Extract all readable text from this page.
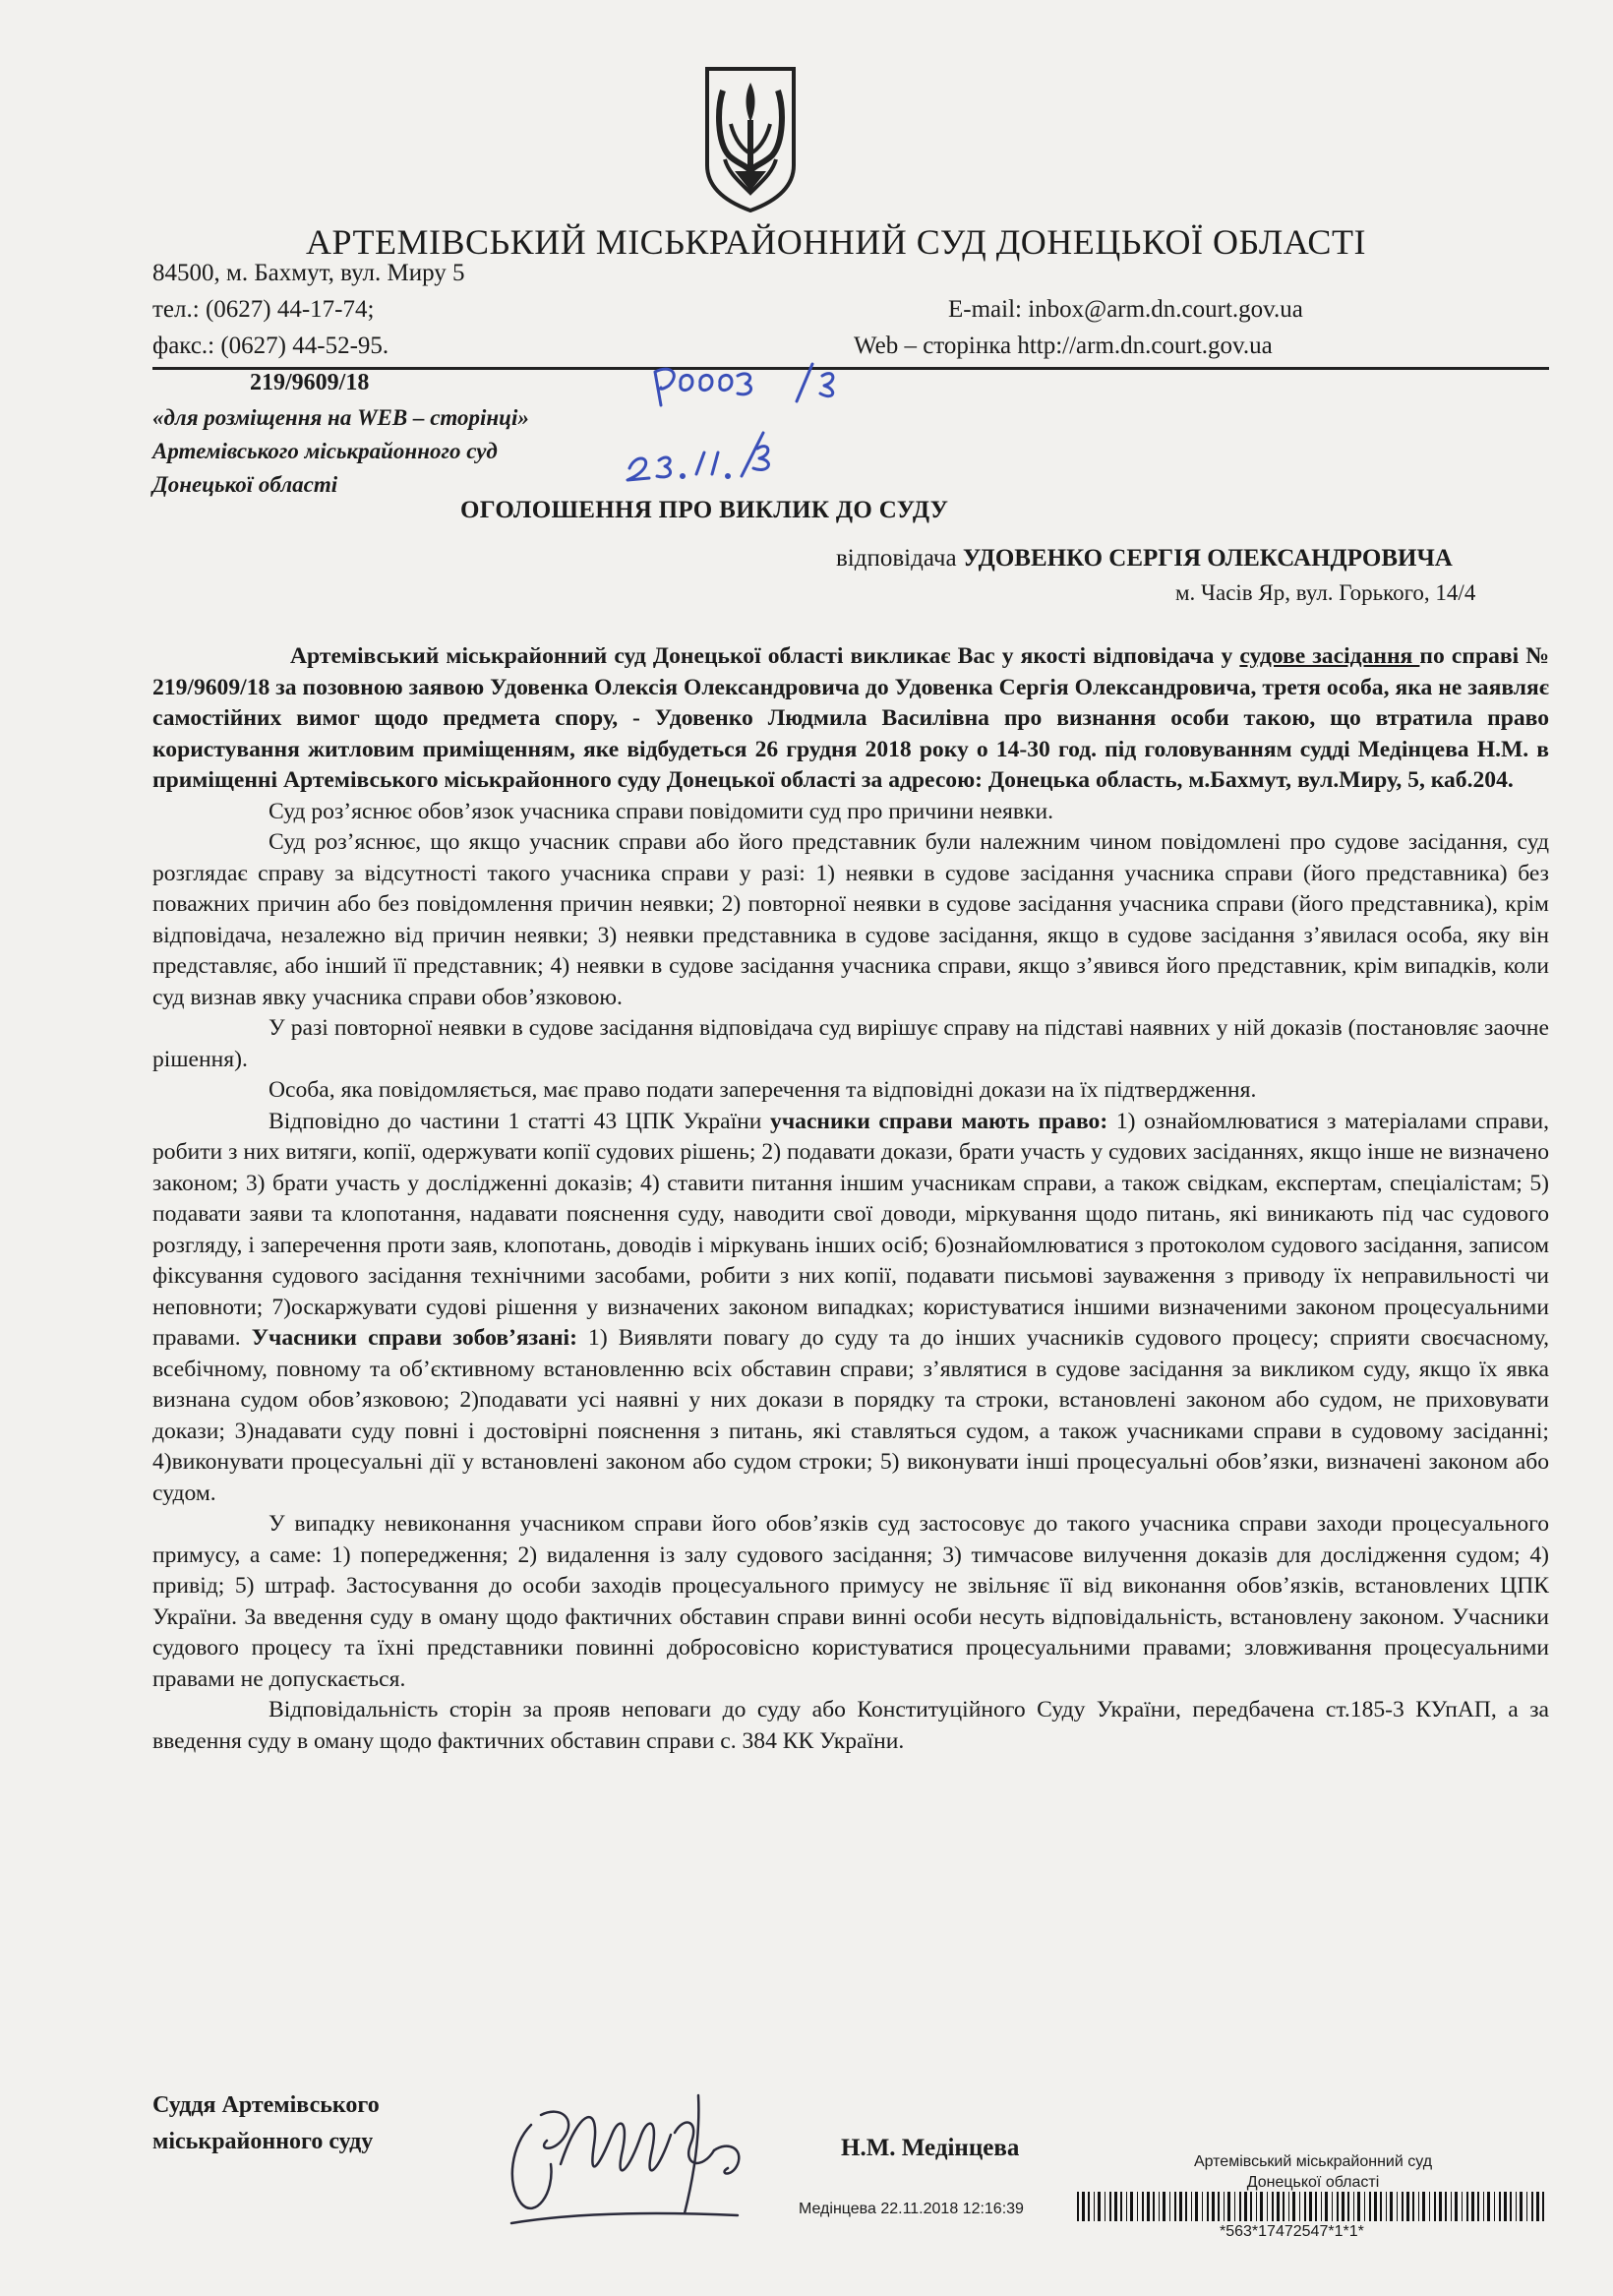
АРТЕМІВСЬКИЙ МІСЬКРАЙОННИЙ СУД ДОНЕЦЬКОЇ ОБЛАСТІ
84500, м. Бахмут, вул. Миру 5
тел.: (0627) 44-17-74;	E-mail: inbox@arm.dn.court.gov.ua
факс.: (0627) 44-52-95.	Web – сторінка http://arm.dn.court.gov.ua
219/9609/18
«для розміщення на WEB – сторінці»
Артемівського міськрайонного суд
Донецької області
ОГОЛОШЕННЯ ПРО ВИКЛИК ДО СУДУ
відповідача УДОВЕНКО СЕРГІЯ ОЛЕКСАНДРОВИЧА
м. Часів Яр, вул. Горького, 14/4

Артемівський міськрайонний суд Донецької області викликає Вас у якості відповідача у судове засідання по справі № 219/9609/18 за позовною заявою Удовенка Олексія Олександровича до Удовенка Сергія Олександровича, третя особа, яка не заявляє самостійних вимог щодо предмета спору, - Удовенко Людмила Василівна про визнання особи такою, що втратила право користування житловим приміщенням, яке відбудеться 26 грудня 2018 року о 14-30 год. під головуванням судді Медінцева Н.М. в приміщенні Артемівського міськрайонного суду Донецької області за адресою: Донецька область, м.Бахмут, вул.Миру, 5, каб.204.

Суд роз’яснює обов’язок учасника справи повідомити суд про причини неявки.

Суд роз’яснює, що якщо учасник справи або його представник були належним чином повідомлені про судове засідання, суд розглядає справу за відсутності такого учасника справи у разі: 1) неявки в судове засідання учасника справи (його представника) без поважних причин або без повідомлення причин неявки; 2) повторної неявки в судове засідання учасника справи (його представника), крім відповідача, незалежно від причин неявки; 3) неявки представника в судове засідання, якщо в судове засідання з’явилася особа, яку він представляє, або інший її представник; 4) неявки в судове засідання учасника справи, якщо з’явився його представник, крім випадків, коли суд визнав явку учасника справи обов’язковою.

У разі повторної неявки в судове засідання відповідача суд вирішує справу на підставі наявних у ній доказів (постановляє заочне рішення).

Особа, яка повідомляється, має право подати заперечення та відповідні докази на їх підтвердження.

Відповідно до частини 1 статті 43 ЦПК України учасники справи мають право: 1) ознайомлюватися з матеріалами справи, робити з них витяги, копії, одержувати копії судових рішень; 2) подавати докази, брати участь у судових засіданнях, якщо інше не визначено законом; 3) брати участь у дослідженні доказів; 4) ставити питання іншим учасникам справи, а також свідкам, експертам, спеціалістам; 5) подавати заяви та клопотання, надавати пояснення суду, наводити свої доводи, міркування щодо питань, які виникають під час судового розгляду, і заперечення проти заяв, клопотань, доводів і міркувань інших осіб; 6)ознайомлюватися з протоколом судового засідання, записом фіксування судового засідання технічними засобами, робити з них копії, подавати письмові зауваження з приводу їх неправильності чи неповноти; 7)оскаржувати судові рішення у визначених законом випадках; користуватися іншими визначеними законом процесуальними правами. Учасники справи зобов’язані: 1) Виявляти повагу до суду та до інших учасників судового процесу; сприяти своєчасному, всебічному, повному та об’єктивному встановленню всіх обставин справи; з’являтися в судове засідання за викликом суду, якщо їх явка визнана судом обов’язковою; 2)подавати усі наявні у них докази в порядку та строки, встановлені законом або судом, не приховувати докази; 3)надавати суду повні і достовірні пояснення з питань, які ставляться судом, а також учасниками справи в судовому засіданні; 4)виконувати процесуальні дії у встановлені законом або судом строки; 5) виконувати інші процесуальні обов’язки, визначені законом або судом.

У випадку невиконання учасником справи його обов’язків суд застосовує до такого учасника справи заходи процесуального примусу, а саме: 1) попередження; 2) видалення із залу судового засідання; 3) тимчасове вилучення доказів для дослідження судом; 4) привід; 5) штраф. Застосування до особи заходів процесуального примусу не звільняє її від виконання обов’язків, встановлених ЦПК України. За введення суду в оману щодо фактичних обставин справи винні особи несуть відповідальність, встановлену законом. Учасники судового процесу та їхні представники повинні добросовісно користуватися процесуальними правами; зловживання процесуальними правами не допускається.

Відповідальність сторін за прояв неповаги до суду або Конституційного Суду України, передбачена ст.185-3 КУпАП, а за введення суду в оману щодо фактичних обставин справи с. 384 КК України.

Суддя Артемівського
міськрайонного суду	Н.М. Медінцева
Артемівський міськрайонний суд
Донецької області
Медінцева 22.11.2018 12:16:39
*563*17472547*1*1*
